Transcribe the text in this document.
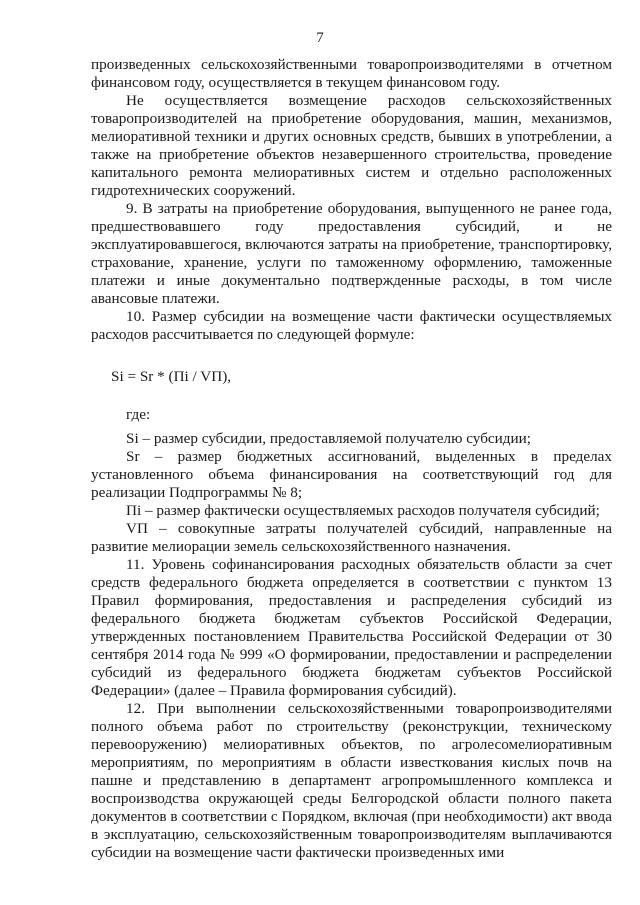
7

произведенных сельскохозяйственными товаропроизводителями в отчетном финансовом году, осуществляется в текущем финансовом году.

Не осуществляется возмещение расходов сельскохозяйственных товаропроизводителей на приобретение оборудования, машин, механизмов, мелиоративной техники и других основных средств, бывших в употреблении, а также на приобретение объектов незавершенного строительства, проведение капитального ремонта мелиоративных систем и отдельно расположенных гидротехнических сооружений.

9. В затраты на приобретение оборудования, выпущенного не ранее года, предшествовавшего году предоставления субсидий, и не эксплуатировавшегося, включаются затраты на приобретение, транспортировку, страхование, хранение, услуги по таможенному оформлению, таможенные платежи и иные документально подтвержденные расходы, в том числе авансовые платежи.

10. Размер субсидии на возмещение части фактически осуществляемых расходов рассчитывается по следующей формуле:

Si = Sr * (Пi / VП),

где:

Si – размер субсидии, предоставляемой получателю субсидии;

Sr – размер бюджетных ассигнований, выделенных в пределах установленного объема финансирования на соответствующий год для реализации Подпрограммы № 8;

Пi – размер фактически осуществляемых расходов получателя субсидий;

VП – совокупные затраты получателей субсидий, направленные на развитие мелиорации земель сельскохозяйственного назначения.

11. Уровень софинансирования расходных обязательств области за счет средств федерального бюджета определяется в соответствии с пунктом 13 Правил формирования, предоставления и распределения субсидий из федерального бюджета бюджетам субъектов Российской Федерации, утвержденных постановлением Правительства Российской Федерации от 30 сентября 2014 года № 999 «О формировании, предоставлении и распределении субсидий из федерального бюджета бюджетам субъектов Российской Федерации» (далее – Правила формирования субсидий).

12. При выполнении сельскохозяйственными товаропроизводителями полного объема работ по строительству (реконструкции, техническому перевооружению) мелиоративных объектов, по агролесомелиоративным мероприятиям, по мероприятиям в области известкования кислых почв на пашне и представлению в департамент агропромышленного комплекса и воспроизводства окружающей среды Белгородской области полного пакета документов в соответствии с Порядком, включая (при необходимости) акт ввода в эксплуатацию, сельскохозяйственным товаропроизводителям выплачиваются субсидии на возмещение части фактически произведенных ими
